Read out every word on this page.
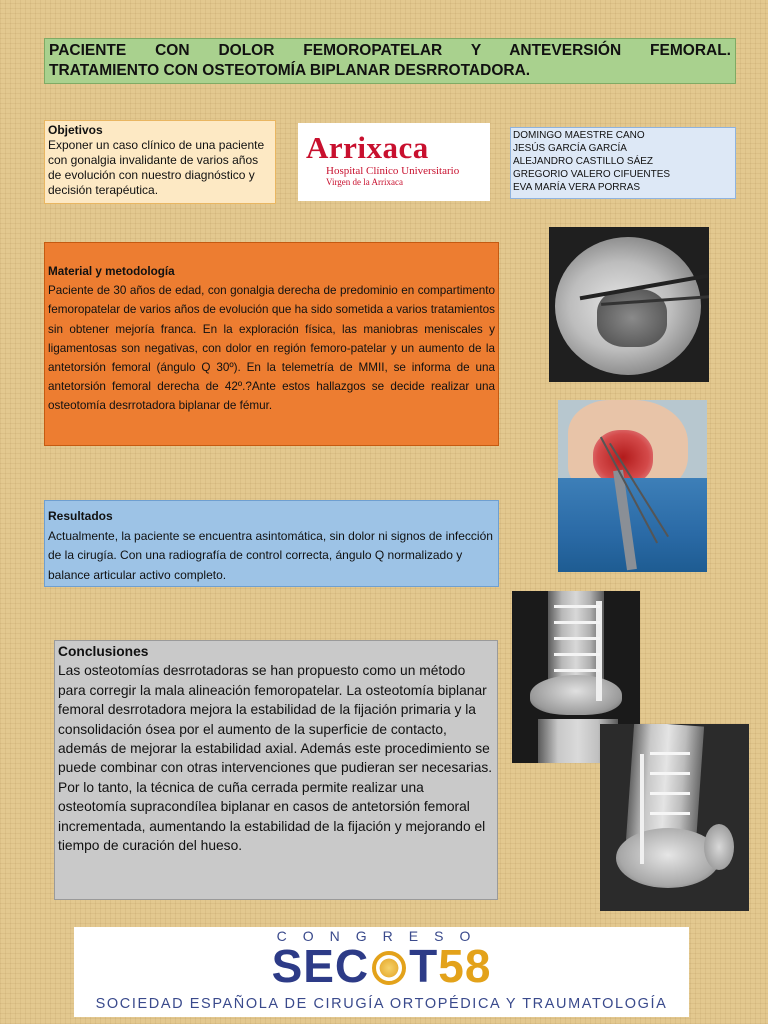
PACIENTE CON DOLOR FEMOROPATELAR Y ANTEVERSIÓN FEMORAL.
TRATAMIENTO CON OSTEOTOMÍA BIPLANAR DESRROTADORA.
Objetivos
Exponer un caso clínico de una paciente con gonalgia invalidante de varios años de evolución con nuestro diagnóstico y decisión terapéutica.
Arrixaca
Hospital Clínico Universitario
Virgen de la Arrixaca
DOMINGO MAESTRE CANO
JESÚS GARCÍA GARCÍA
ALEJANDRO CASTILLO SÁEZ
GREGORIO VALERO CIFUENTES
EVA MARÍA VERA PORRAS
Material y metodología
Paciente de 30 años de edad, con gonalgia derecha de predominio en compartimento femoropatelar de varios años de evolución que ha sido sometida a varios tratamientos sin obtener mejoría franca. En la exploración física, las maniobras meniscales y ligamentosas son negativas, con dolor en región femoro-patelar y un aumento de la antetorsión femoral (ángulo Q 30º). En la telemetría de MMII, se informa de una antetorsión femoral derecha de 42º.?Ante estos hallazgos se decide realizar una osteotomía desrrotadora biplanar de fémur.
Resultados
Actualmente, la paciente se encuentra asintomática, sin dolor ni signos de infección de la cirugía. Con una radiografía de control correcta, ángulo Q normalizado y balance articular activo completo.
Conclusiones
Las osteotomías desrrotadoras se han propuesto como un método para corregir la mala alineación femoropatelar. La osteotomía biplanar femoral desrrotadora mejora la estabilidad de la fijación primaria y la consolidación ósea por el aumento de la superficie de contacto, además de mejorar la estabilidad axial. Además este procedimiento se puede combinar con otras intervenciones que pudieran ser necesarias. Por lo tanto, la técnica de cuña cerrada permite realizar una osteotomía supracondílea biplanar en casos de antetorsión femoral incrementada, aumentando la estabilidad de la fijación y mejorando el tiempo de curación del hueso.
CONGRESO
SEC T58
SOCIEDAD ESPAÑOLA DE CIRUGÍA ORTOPÉDICA Y TRAUMATOLOGÍA
